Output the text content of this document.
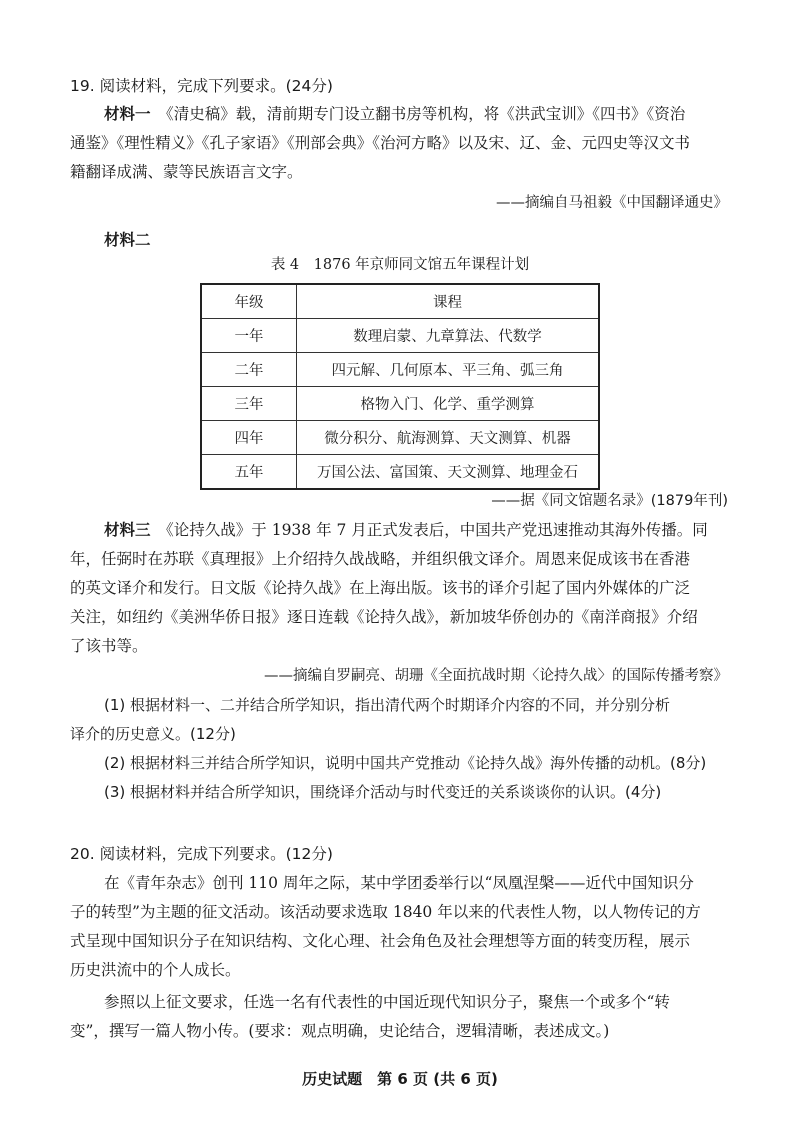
19. 阅读材料，完成下列要求。(24分)
材料一　 《清史稿》载，清前期专门设立翻书房等机构，将《洪武宝训》《四书》《资治
通鉴》《理性精义》《孔子家语》《刑部会典》《治河方略》以及宋、辽、金、元四史等汉文书
籍翻译成满、蒙等民族语言文字。
——摘编自马祖毅《中国翻译通史》
材料二
表 4　1876 年京师同文馆五年课程计划
年级	课程
一年	数理启蒙、九章算法、代数学
二年	四元解、几何原本、平三角、弧三角
三年	格物入门、化学、重学测算
四年	微分积分、航海测算、天文测算、机器
五年	万国公法、富国策、天文测算、地理金石
——据《同文馆题名录》(1879年刊)
材料三　 《论持久战》于 1938 年 7 月正式发表后，中国共产党迅速推动其海外传播。同
年，任弼时在苏联《真理报》上介绍持久战战略，并组织俄文译介。周恩来促成该书在香港
的英文译介和发行。日文版《论持久战》在上海出版。该书的译介引起了国内外媒体的广泛
关注，如纽约《美洲华侨日报》逐日连载《论持久战》，新加坡华侨创办的《南洋商报》介绍
了该书等。
——摘编自罗嗣亮、胡珊《全面抗战时期〈论持久战〉的国际传播考察》
(1) 根据材料一、二并结合所学知识，指出清代两个时期译介内容的不同，并分别分析
译介的历史意义。(12分)
(2) 根据材料三并结合所学知识，说明中国共产党推动《论持久战》海外传播的动机。(8分)
(3) 根据材料并结合所学知识，围绕译介活动与时代变迁的关系谈谈你的认识。(4分)
20. 阅读材料，完成下列要求。(12分)
在《青年杂志》创刊 110 周年之际，某中学团委举行以“凤凰涅槃——近代中国知识分
子的转型”为主题的征文活动。该活动要求选取 1840 年以来的代表性人物，以人物传记的方
式呈现中国知识分子在知识结构、文化心理、社会角色及社会理想等方面的转变历程，展示
历史洪流中的个人成长。
参照以上征文要求，任选一名有代表性的中国近现代知识分子，聚焦一个或多个“转
变”，撰写一篇人物小传。(要求：观点明确，史论结合，逻辑清晰，表述成文。)
历史试题　第 6 页 (共 6 页)
